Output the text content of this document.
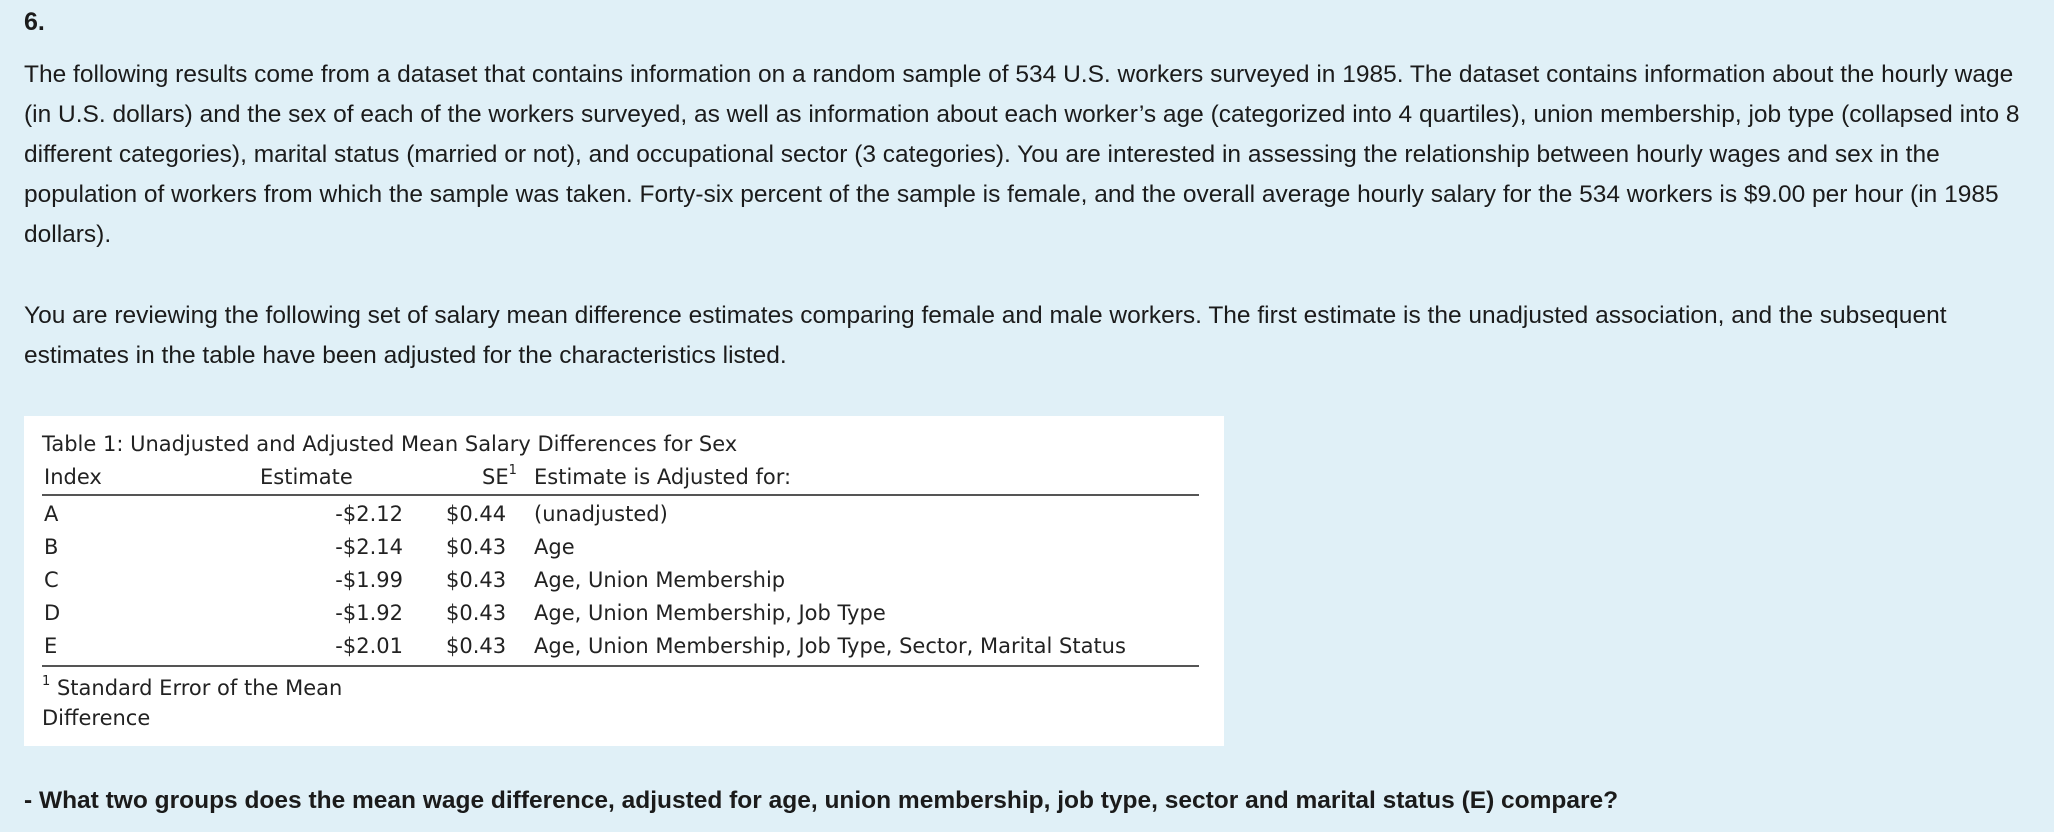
6.

The following results come from a dataset that contains information on a random sample of 534 U.S. workers surveyed in 1985. The dataset contains information about the hourly wage (in U.S. dollars) and the sex of each of the workers surveyed, as well as information about each worker’s age (categorized into 4 quartiles), union membership, job type (collapsed into 8 different categories), marital status (married or not), and occupational sector (3 categories). You are interested in assessing the relationship between hourly wages and sex in the population of workers from which the sample was taken. Forty-six percent of the sample is female, and the overall average hourly salary for the 534 workers is $9.00 per hour (in 1985 dollars).

You are reviewing the following set of salary mean difference estimates comparing female and male workers. The first estimate is the unadjusted association, and the subsequent estimates in the table have been adjusted for the characteristics listed.

Table 1: Unadjusted and Adjusted Mean Salary Differences for Sex
Index	Estimate	$SE^1$ Estimate is Adjusted for:
A	-$2.12 $0.44 (unadjusted)
B	-$2.14 $0.43 Age
C	-$1.99 $0.43 Age, Union Membership
D	-$1.92 $0.43 Age, Union Membership, Job Type
E	-$2.01 $0.43 Age, Union Membership, Job Type, Sector, Marital Status
$^1$ Standard Error of the Mean Difference

- What two groups does the mean wage difference, adjusted for age, union membership, job type, sector and marital status (E) compare?
